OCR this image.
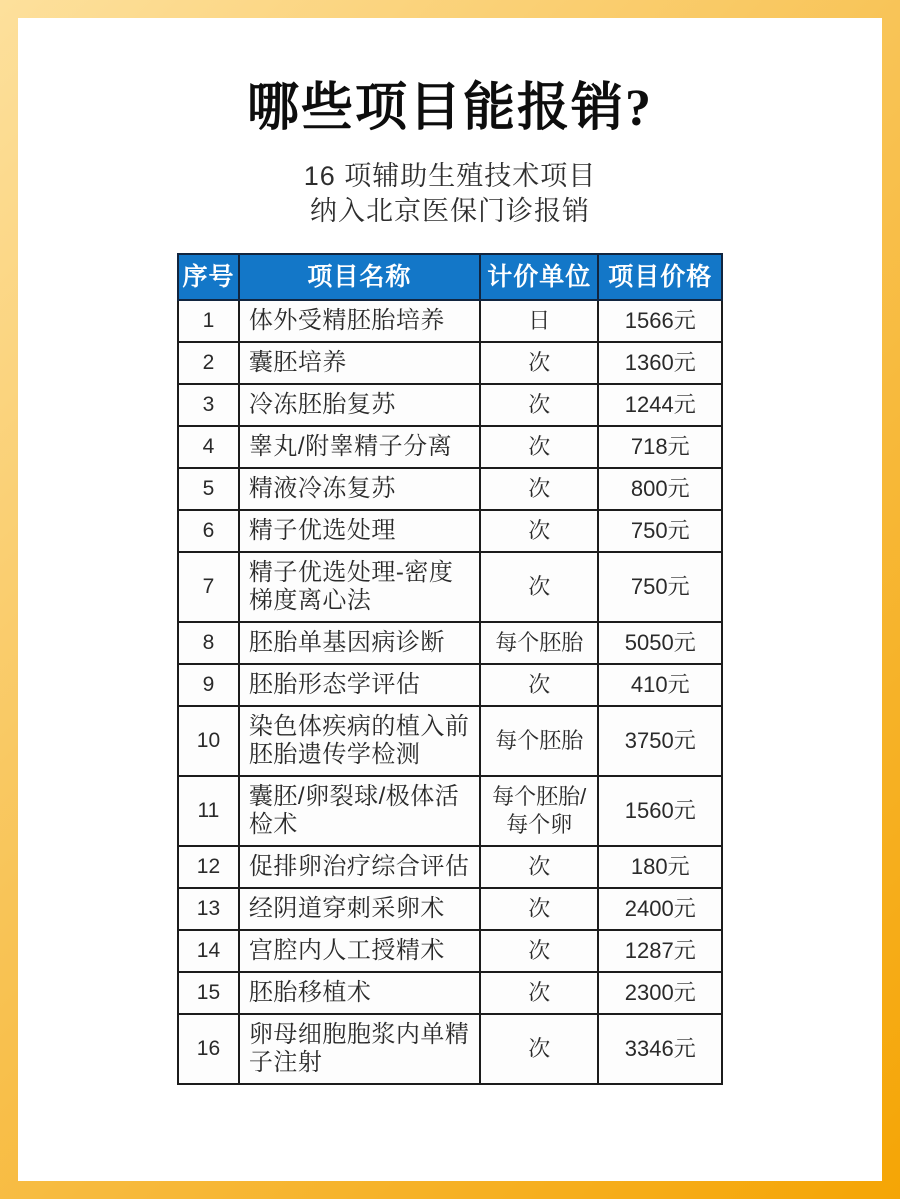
哪些项目能报销?
16 项辅助生殖技术项目
纳入北京医保门诊报销
序号	项目名称	计价单位	项目价格
1	体外受精胚胎培养	日	1566元
2	囊胚培养	次	1360元
3	冷冻胚胎复苏	次	1244元
4	睾丸/附睾精子分离	次	718元
5	精液冷冻复苏	次	800元
6	精子优选处理	次	750元
7	精子优选处理-密度梯度离心法	次	750元
8	胚胎单基因病诊断	每个胚胎	5050元
9	胚胎形态学评估	次	410元
10	染色体疾病的植入前胚胎遗传学检测	每个胚胎	3750元
11	囊胚/卵裂球/极体活检术	每个胚胎/每个卵	1560元
12	促排卵治疗综合评估	次	180元
13	经阴道穿刺采卵术	次	2400元
14	宫腔内人工授精术	次	1287元
15	胚胎移植术	次	2300元
16	卵母细胞胞浆内单精子注射	次	3346元
